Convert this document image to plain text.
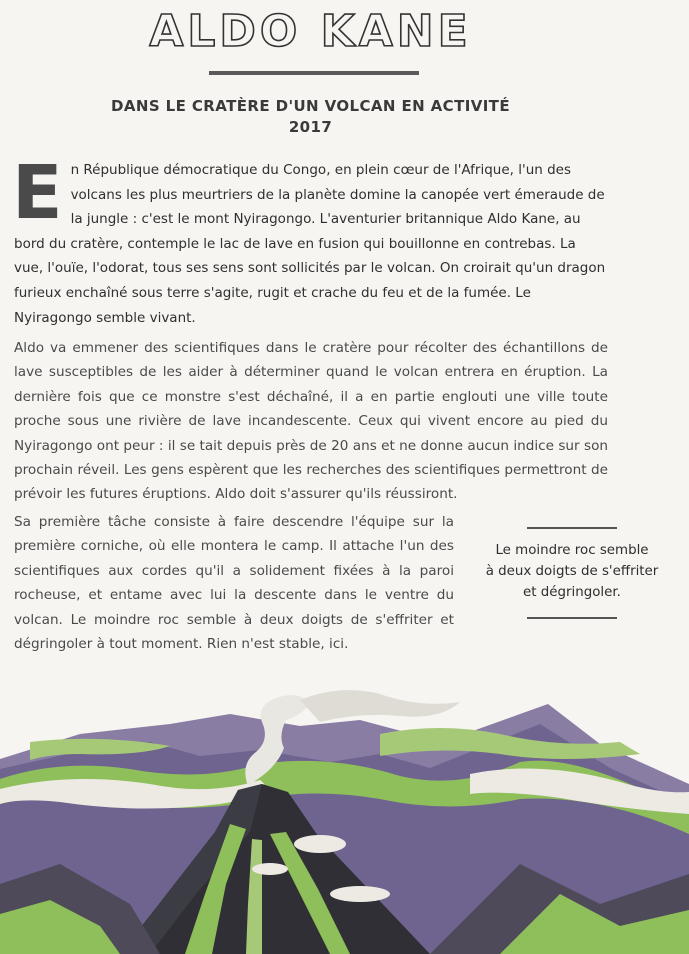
ALDO KANE
DANS LE CRATÈRE D'UN VOLCAN EN ACTIVITÉ
2017

E n République démocratique du Congo, en plein cœur de l'Afrique, l'un des volcans les plus meurtriers de la planète domine la canopée vert émeraude de la jungle : c'est le mont Nyiragongo. L'aventurier britannique Aldo Kane, au bord du cratère, contemple le lac de lave en fusion qui bouillonne en contrebas. La vue, l'ouïe, l'odorat, tous ses sens sont sollicités par le volcan. On croirait qu'un dragon furieux enchaîné sous terre s'agite, rugit et crache du feu et de la fumée. Le Nyiragongo semble vivant.

Aldo va emmener des scientifiques dans le cratère pour récolter des échantillons de lave susceptibles de les aider à déterminer quand le volcan entrera en éruption. La dernière fois que ce monstre s'est déchaîné, il a en partie englouti une ville toute proche sous une rivière de lave incandescente. Ceux qui vivent encore au pied du Nyiragongo ont peur : il se tait depuis près de 20 ans et ne donne aucun indice sur son prochain réveil. Les gens espèrent que les recherches des scientifiques permettront de prévoir les futures éruptions. Aldo doit s'assurer qu'ils réussiront.

Sa première tâche consiste à faire descendre l'équipe sur la première corniche, où elle montera le camp. Il attache l'un des scientifiques aux cordes qu'il a solidement fixées à la paroi rocheuse, et entame avec lui la descente dans le ventre du volcan. Le moindre roc semble à deux doigts de s'effriter et dégringoler à tout moment. Rien n'est stable, ici.

Le moindre roc semble
à deux doigts de s'effriter
et dégringoler.
